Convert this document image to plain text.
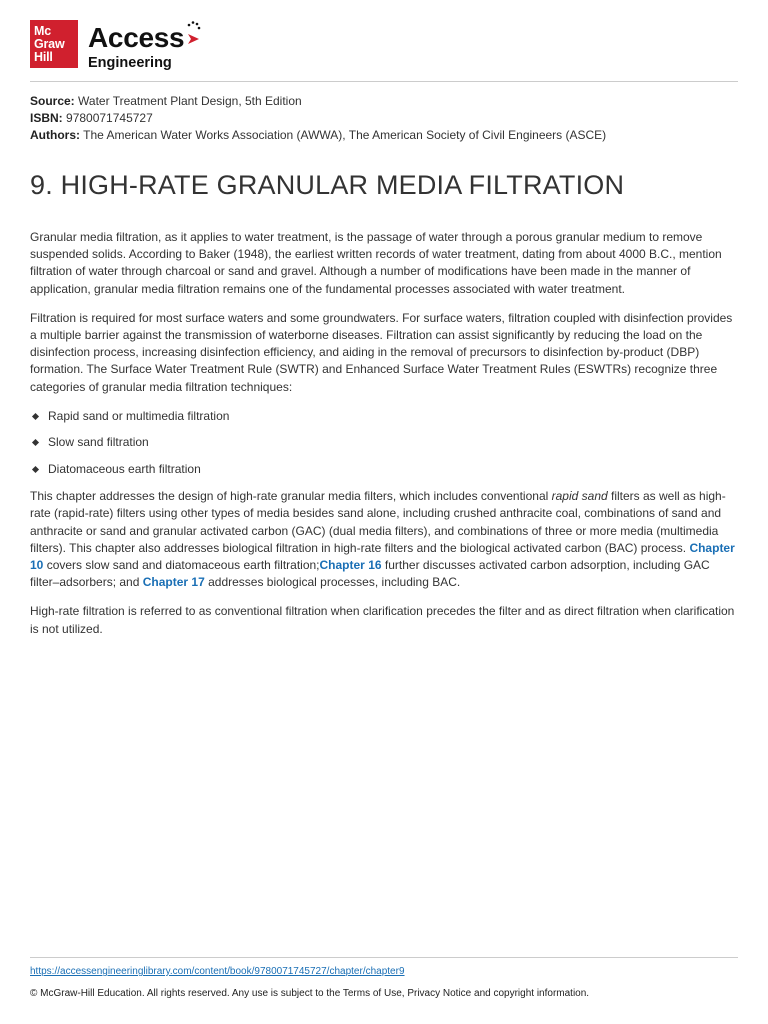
Mc
Graw
Hill
Access
Engineering
Source: Water Treatment Plant Design, 5th Edition
ISBN: 9780071745727
Authors: The American Water Works Association (AWWA), The American Society of Civil Engineers (ASCE)
9. HIGH-RATE GRANULAR MEDIA FILTRATION

Granular media filtration, as it applies to water treatment, is the passage of water through a porous granular medium to remove suspended solids. According to Baker (1948), the earliest written records of water treatment, dating from about 4000 B.C., mention filtration of water through charcoal or sand and gravel. Although a number of modifications have been made in the manner of application, granular media filtration remains one of the fundamental processes associated with water treatment.

Filtration is required for most surface waters and some groundwaters. For surface waters, filtration coupled with disinfection provides a multiple barrier against the transmission of waterborne diseases. Filtration can assist significantly by reducing the load on the disinfection process, increasing disinfection efficiency, and aiding in the removal of precursors to disinfection by-product (DBP) formation. The Surface Water Treatment Rule (SWTR) and Enhanced Surface Water Treatment Rules (ESWTRs) recognize three categories of granular media filtration techniques:

Rapid sand or multimedia filtration
Slow sand filtration
Diatomaceous earth filtration

This chapter addresses the design of high-rate granular media filters, which includes conventional rapid sand filters as well as high-rate (rapid-rate) filters using other types of media besides sand alone, including crushed anthracite coal, combinations of sand and anthracite or sand and granular activated carbon (GAC) (dual media filters), and combinations of three or more media (multimedia filters). This chapter also addresses biological filtration in high-rate filters and the biological activated carbon (BAC) process. Chapter 10 covers slow sand and diatomaceous earth filtration;Chapter 16 further discusses activated carbon adsorption, including GAC filter–adsorbers; and Chapter 17 addresses biological processes, including BAC.

High-rate filtration is referred to as conventional filtration when clarification precedes the filter and as direct filtration when clarification is not utilized.

https://accessengineeringlibrary.com/content/book/9780071745727/chapter/chapter9
© McGraw-Hill Education. All rights reserved. Any use is subject to the Terms of Use, Privacy Notice and copyright information.
